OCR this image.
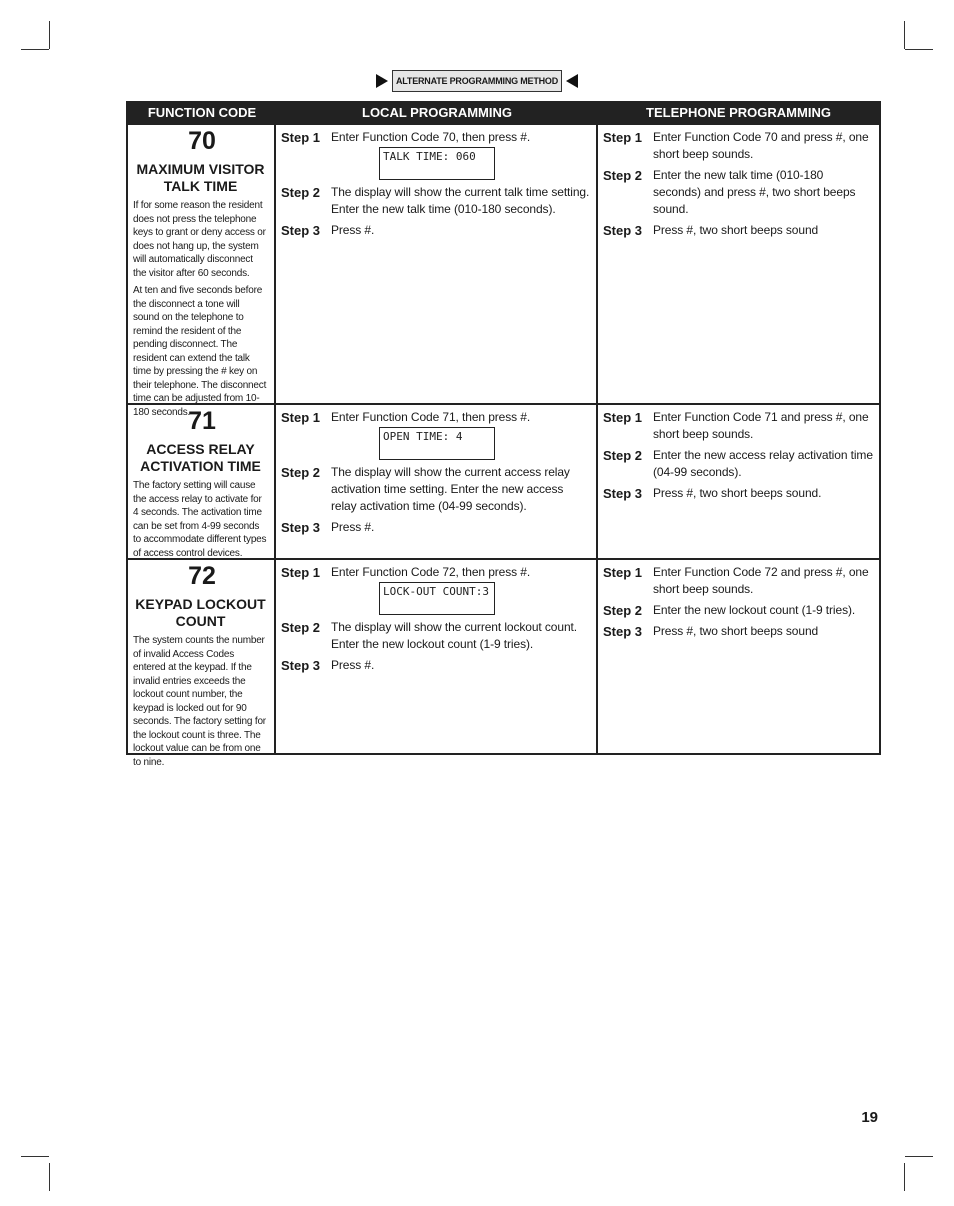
ALTERNATE PROGRAMMING METHOD
FUNCTION CODE	LOCAL PROGRAMMING	TELEPHONE PROGRAMMING
70
MAXIMUM VISITOR
TALK TIME

If for some reason the resident does not press the telephone keys to grant or deny access or does not hang up, the system will automatically disconnect the visitor after 60 seconds.

At ten and five seconds before the disconnect a tone will sound on the telephone to remind the resident of the pending disconnect. The resident can extend the talk time by pressing the # key on their telephone. The disconnect time can be adjusted from 10-180 seconds.

Step 1 Enter Function Code 70, then press #.
TALK TIME: 060
Step 2 The display will show the current talk time setting. Enter the new talk time (010-180 seconds).
Step 3 Press #.
Step 1 Enter Function Code 70 and press #, one short beep sounds.
Step 2 Enter the new talk time (010-180 seconds) and press #, two short beeps sound.
Step 3 Press #, two short beeps sound
71
ACCESS RELAY
ACTIVATION TIME

The factory setting will cause the access relay to activate for 4 seconds. The activation time can be set from 4-99 seconds to accommodate different types of access control devices.

Step 1 Enter Function Code 71, then press #.
OPEN TIME: 4
Step 2 The display will show the current access relay activation time setting. Enter the new access relay activation time (04-99 seconds).
Step 3 Press #.
Step 1 Enter Function Code 71 and press #, one short beep sounds.
Step 2 Enter the new access relay activation time (04-99 seconds).
Step 3 Press #, two short beeps sound.
72
KEYPAD LOCKOUT
COUNT

The system counts the number of invalid Access Codes entered at the keypad. If the invalid entries exceeds the lockout count number, the keypad is locked out for 90 seconds. The factory setting for the lockout count is three. The lockout value can be from one to nine.

Step 1 Enter Function Code 72, then press #.
LOCK-OUT COUNT:3
Step 2 The display will show the current lockout count. Enter the new lockout count (1-9 tries).
Step 3 Press #.
Step 1 Enter Function Code 72 and press #, one short beep sounds.
Step 2 Enter the new lockout count (1-9 tries).
Step 3 Press #, two short beeps sound
19
